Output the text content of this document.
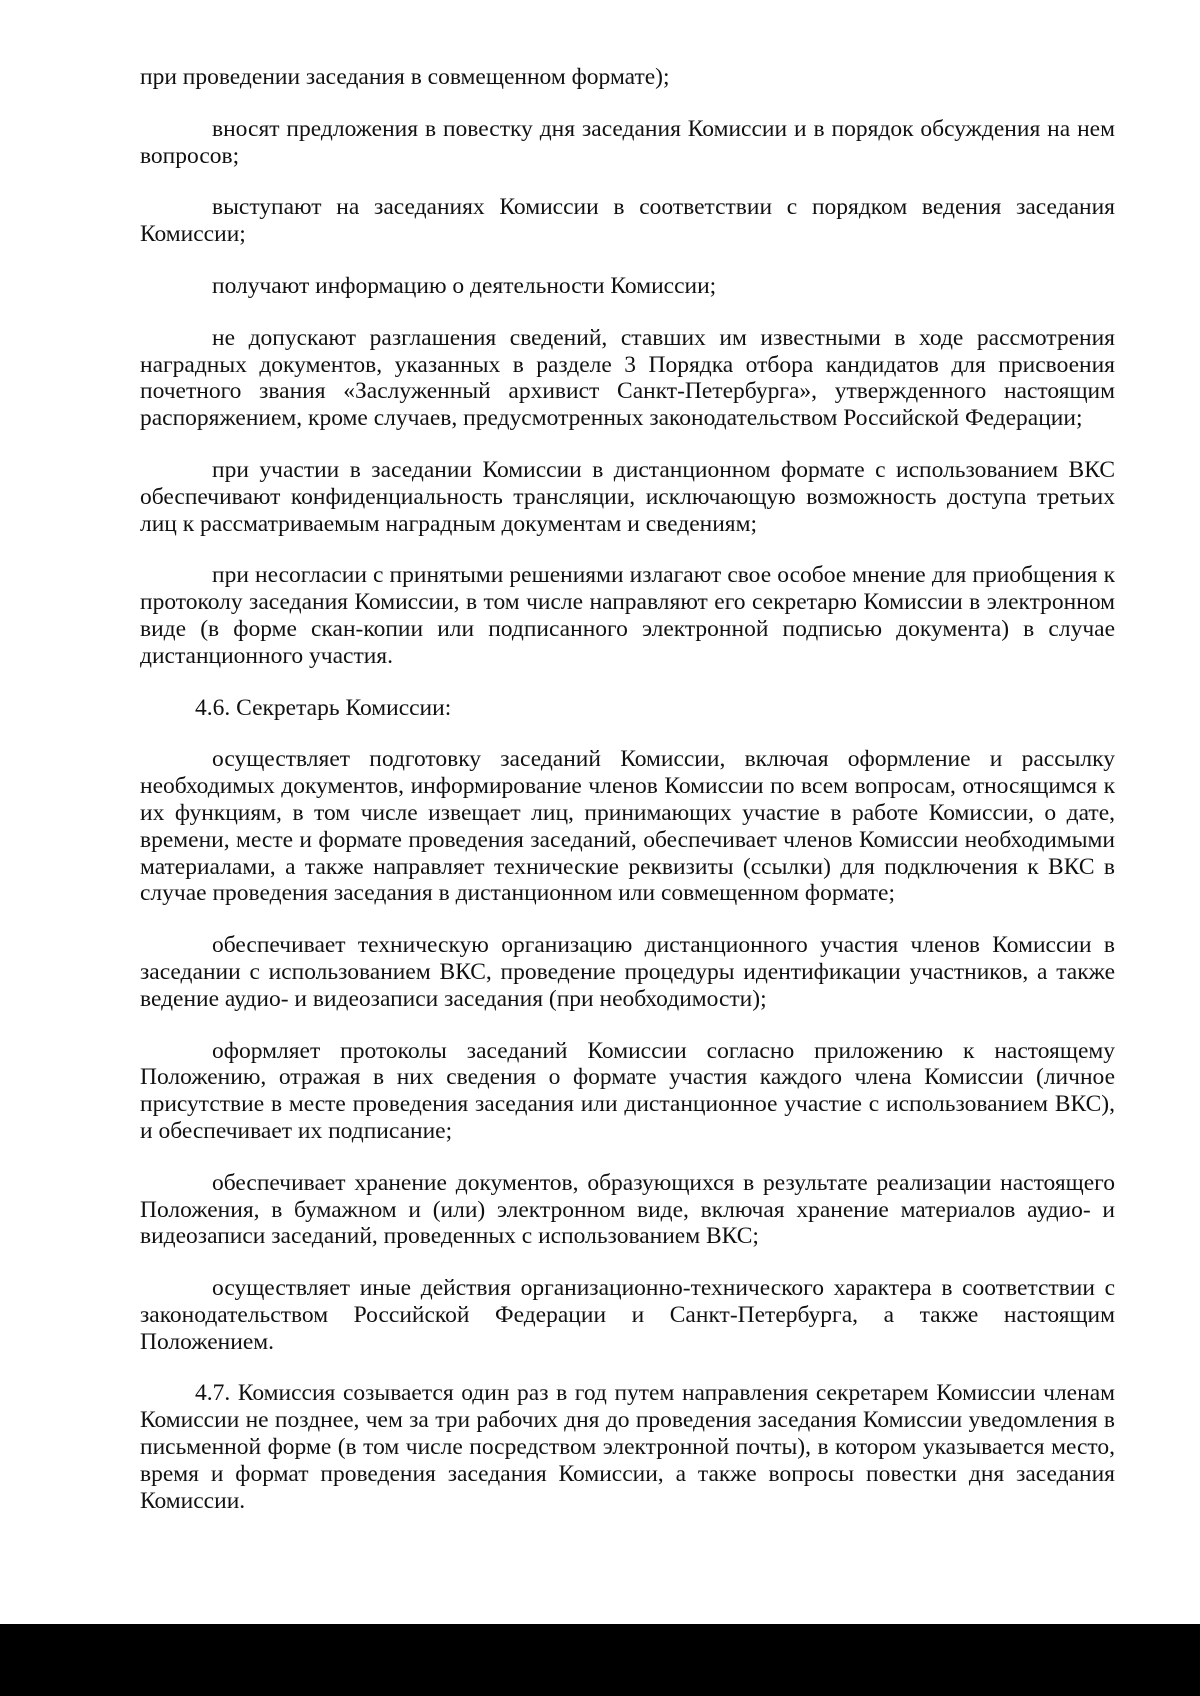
при проведении заседания в совмещенном формате);

вносят предложения в повестку дня заседания Комиссии и в порядок обсуждения на нем вопросов;

выступают на заседаниях Комиссии в соответствии с порядком ведения заседания Комиссии;

получают информацию о деятельности Комиссии;

не допускают разглашения сведений, ставших им известными в ходе рассмотрения наградных документов, указанных в разделе 3 Порядка отбора кандидатов для присвоения почетного звания «Заслуженный архивист Санкт-Петербурга», утвержденного настоящим распоряжением, кроме случаев, предусмотренных законодательством Российской Федерации;

при участии в заседании Комиссии в дистанционном формате с использованием ВКС обеспечивают конфиденциальность трансляции, исключающую возможность доступа третьих лиц к рассматриваемым наградным документам и сведениям;

при несогласии с принятыми решениями излагают свое особое мнение для приобщения к протоколу заседания Комиссии, в том числе направляют его секретарю Комиссии в электронном виде (в форме скан-копии или подписанного электронной подписью документа) в случае дистанционного участия.

4.6. Секретарь Комиссии:

осуществляет подготовку заседаний Комиссии, включая оформление и рассылку необходимых документов, информирование членов Комиссии по всем вопросам, относящимся к их функциям, в том числе извещает лиц, принимающих участие в работе Комиссии, о дате, времени, месте и формате проведения заседаний, обеспечивает членов Комиссии необходимыми материалами, а также направляет технические реквизиты (ссылки) для подключения к ВКС в случае проведения заседания в дистанционном или совмещенном формате;

обеспечивает техническую организацию дистанционного участия членов Комиссии в заседании с использованием ВКС, проведение процедуры идентификации участников, а также ведение аудио- и видеозаписи заседания (при необходимости);

оформляет протоколы заседаний Комиссии согласно приложению к настоящему Положению, отражая в них сведения о формате участия каждого члена Комиссии (личное присутствие в месте проведения заседания или дистанционное участие с использованием ВКС), и обеспечивает их подписание;

обеспечивает хранение документов, образующихся в результате реализации настоящего Положения, в бумажном и (или) электронном виде, включая хранение материалов аудио- и видеозаписи заседаний, проведенных с использованием ВКС;

осуществляет иные действия организационно-технического характера в соответствии с законодательством Российской Федерации и Санкт-Петербурга, а также настоящим Положением.

4.7. Комиссия созывается один раз в год путем направления секретарем Комиссии членам Комиссии не позднее, чем за три рабочих дня до проведения заседания Комиссии уведомления в письменной форме (в том числе посредством электронной почты), в котором указывается место, время и формат проведения заседания Комиссии, а также вопросы повестки дня заседания Комиссии.
